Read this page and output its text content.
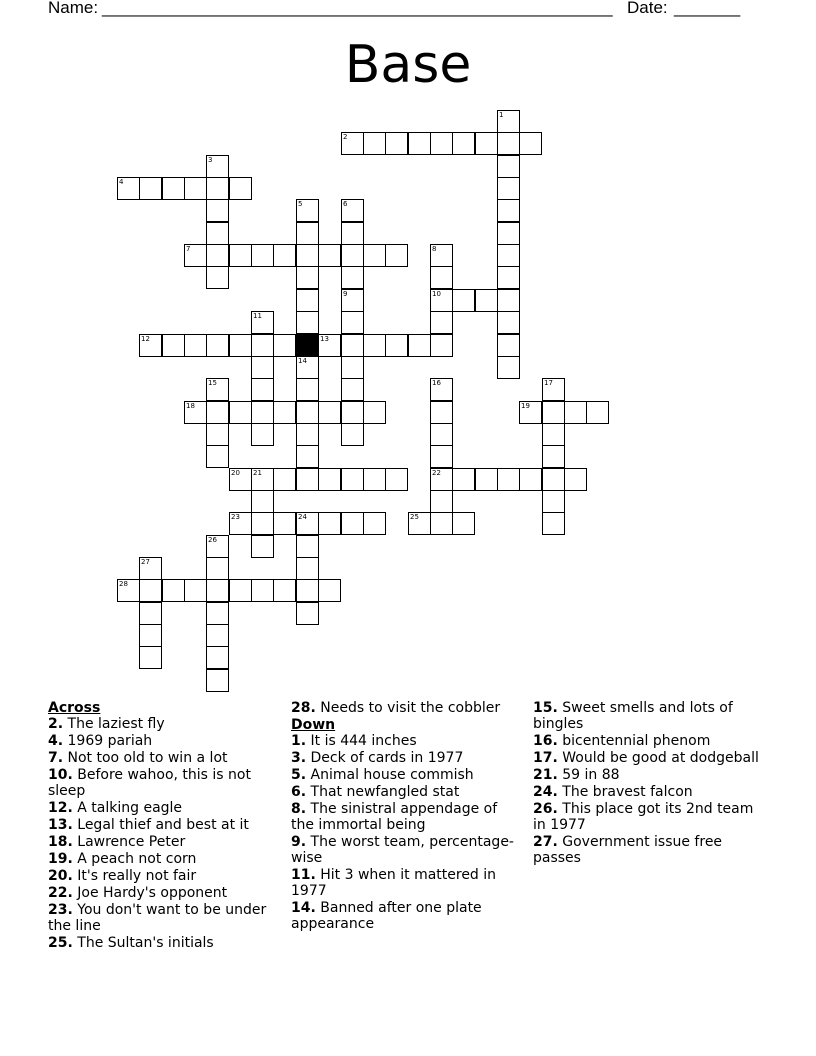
Name: ______________________________________________________ Date: _______
Base
1
2
3
4
5	6
7	8
9	10
11
12	13
14
15	16	17
18	19
20 21	22
23	24	25
26
27
28
Across
2. The laziest fly
4. 1969 pariah
7. Not too old to win a lot
10. Before wahoo, this is not sleep
12. A talking eagle
13. Legal thief and best at it
18. Lawrence Peter
19. A peach not corn
20. It's really not fair
22. Joe Hardy's opponent
23. You don't want to be under the line
25. The Sultan's initials
28. Needs to visit the cobbler
Down
1. It is 444 inches
3. Deck of cards in 1977
5. Animal house commish
6. That newfangled stat
8. The sinistral appendage of the immortal being
9. The worst team, percentage-wise
11. Hit 3 when it mattered in 1977
14. Banned after one plate appearance
15. Sweet smells and lots of bingles
16. bicentennial phenom
17. Would be good at dodgeball
21. 59 in 88
24. The bravest falcon
26. This place got its 2nd team in 1977
27. Government issue free passes
